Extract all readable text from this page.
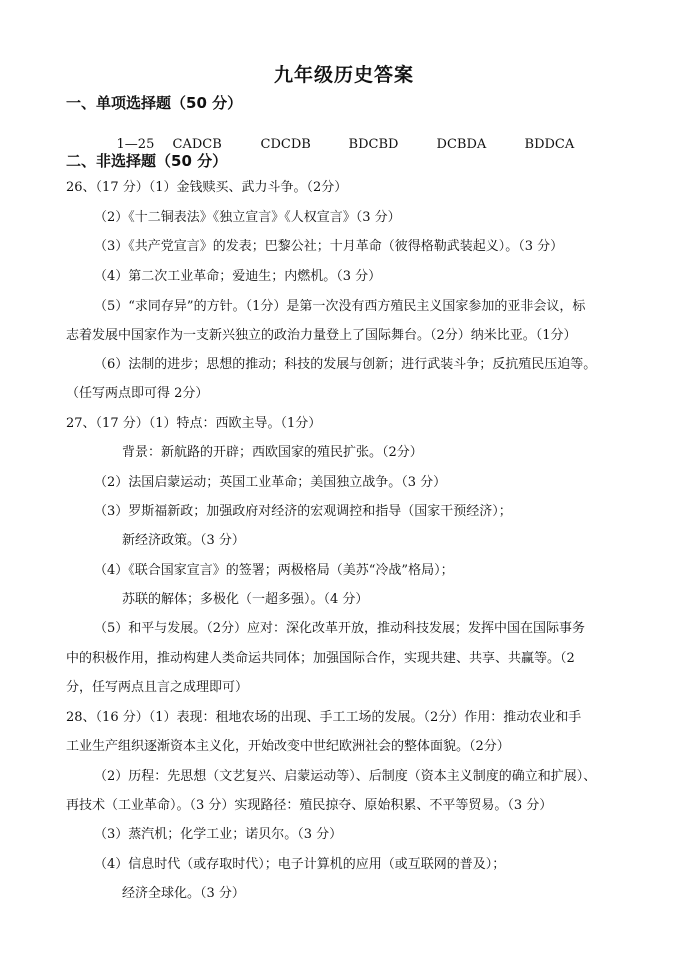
九年级历史答案
一、单项选择题（50 分）

1—25 CADCB	CDCDB	BDCBD	DCBDA	BDDCA

二、非选择题（50 分）
26、（17 分）（1）金钱赎买、武力斗争。（2分）
（2）《十二铜表法》《独立宣言》《人权宣言》（3 分）
（3）《共产党宣言》的发表；巴黎公社；十月革命（彼得格勒武装起义）。（3 分）
（4）第二次工业革命；爱迪生；内燃机。（3 分）
（5）“求同存异”的方针。（1分）是第一次没有西方殖民主义国家参加的亚非会议，标
志着发展中国家作为一支新兴独立的政治力量登上了国际舞台。（2分）纳米比亚。（1分）
（6）法制的进步；思想的推动；科技的发展与创新；进行武装斗争；反抗殖民压迫等。
（任写两点即可得 2分）
27、（17 分）（1）特点：西欧主导。（1分）
背景：新航路的开辟；西欧国家的殖民扩张。（2分）
（2）法国启蒙运动；英国工业革命；美国独立战争。（3 分）
（3）罗斯福新政；加强政府对经济的宏观调控和指导（国家干预经济）；
新经济政策。（3 分）
（4）《联合国家宣言》的签署；两极格局（美苏“冷战”格局）；
苏联的解体；多极化（一超多强）。（4 分）
（5）和平与发展。（2分）应对：深化改革开放，推动科技发展；发挥中国在国际事务
中的积极作用，推动构建人类命运共同体；加强国际合作，实现共建、共享、共赢等。（2
分，任写两点且言之成理即可）
28、（16 分）（1）表现：租地农场的出现、手工工场的发展。（2分）作用：推动农业和手
工业生产组织逐渐资本主义化，开始改变中世纪欧洲社会的整体面貌。（2分）
（2）历程：先思想（文艺复兴、启蒙运动等）、后制度（资本主义制度的确立和扩展）、
再技术（工业革命）。（3 分）实现路径：殖民掠夺、原始积累、不平等贸易。（3 分）
（3）蒸汽机；化学工业；诺贝尔。（3 分）
（4）信息时代（或存取时代）；电子计算机的应用（或互联网的普及）；
经济全球化。（3 分）
